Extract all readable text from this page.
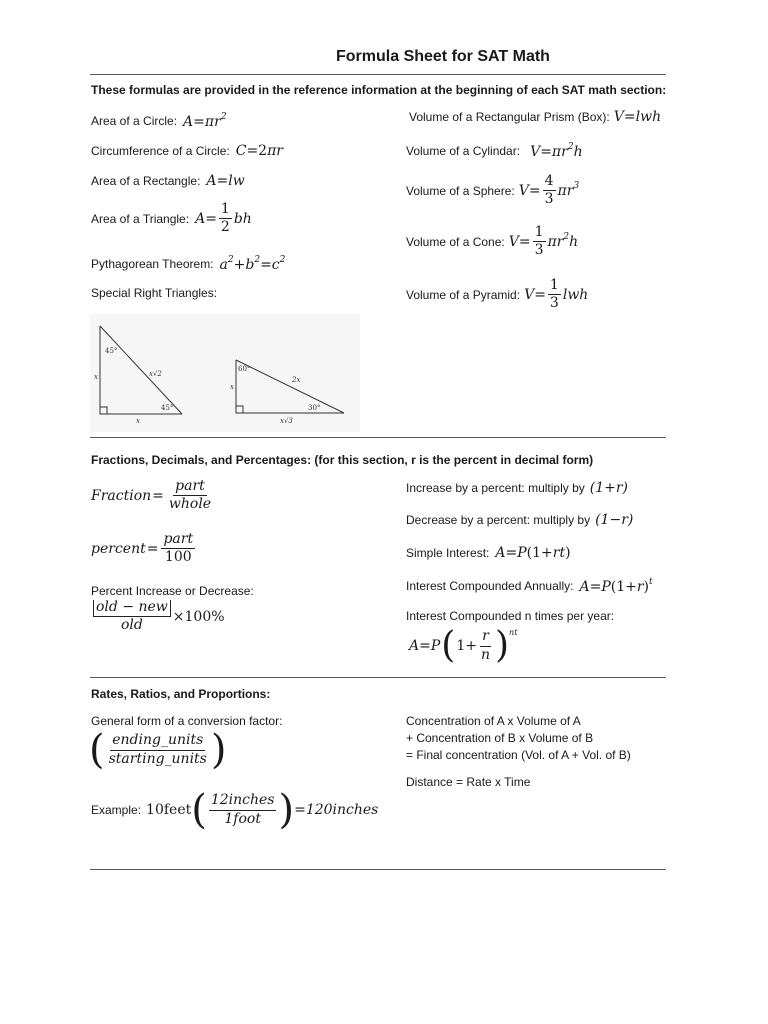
Formula Sheet for SAT Math
These formulas are provided in the reference information at the beginning of each SAT math section:
Area of a Circle: $A=\pi r^2$
Circumference of a Circle: C=2πr
Area of a Rectangle: A=lw
Area of a Triangle: $A= \frac{1}{2}$ bh
Pythagorean Theorem: $a^2+b^2=c^2$
Special Right Triangles:
45°
x√2
x
45°
x
60°
2x
x
30°
x√3
Volume of a Rectangular Prism (Box): V=lwh
Volume of a Cylindar: $V=\pi r^2h$
Volume of a Sphere: $V= \frac{4}{3} \pi r^3$
Volume of a Cone: $V= \frac{1}{3} \pi r^2h$
Volume of a Pyramid: $V= \frac{1}{3}$ lwh
Fractions, Decimals, and Percentages: (for this section, r is the percent in decimal form)
Fraction = $\frac{\text{part}}{\text{whole}}$
percent = $\frac{\text{part}}{100}$
Percent Increase or Decrease:
$\frac{\text{old − new}}{\text{old}} \times 100\%$
Increase by a percent: multiply by (1+r)
Decrease by a percent: multiply by (1−r)
Simple Interest: A=P(1+rt)
Interest Compounded Annually: $A=P(1+r)^t$
Interest Compounded n times per year:
A = P ( $1+ \frac{r}{n}$ ) nt
Rates, Ratios, and Proportions:
General form of a conversion factor:
( $\frac{\text{ending\_units}}{\text{starting\_units}}$ )
Example: 10feet ( $\frac{\text{12inches}}{\text{1foot}}$ ) =120inches
Concentration of A x Volume of A
+ Concentration of B x Volume of B
= Final concentration (Vol. of A + Vol. of B)
Distance = Rate x Time
